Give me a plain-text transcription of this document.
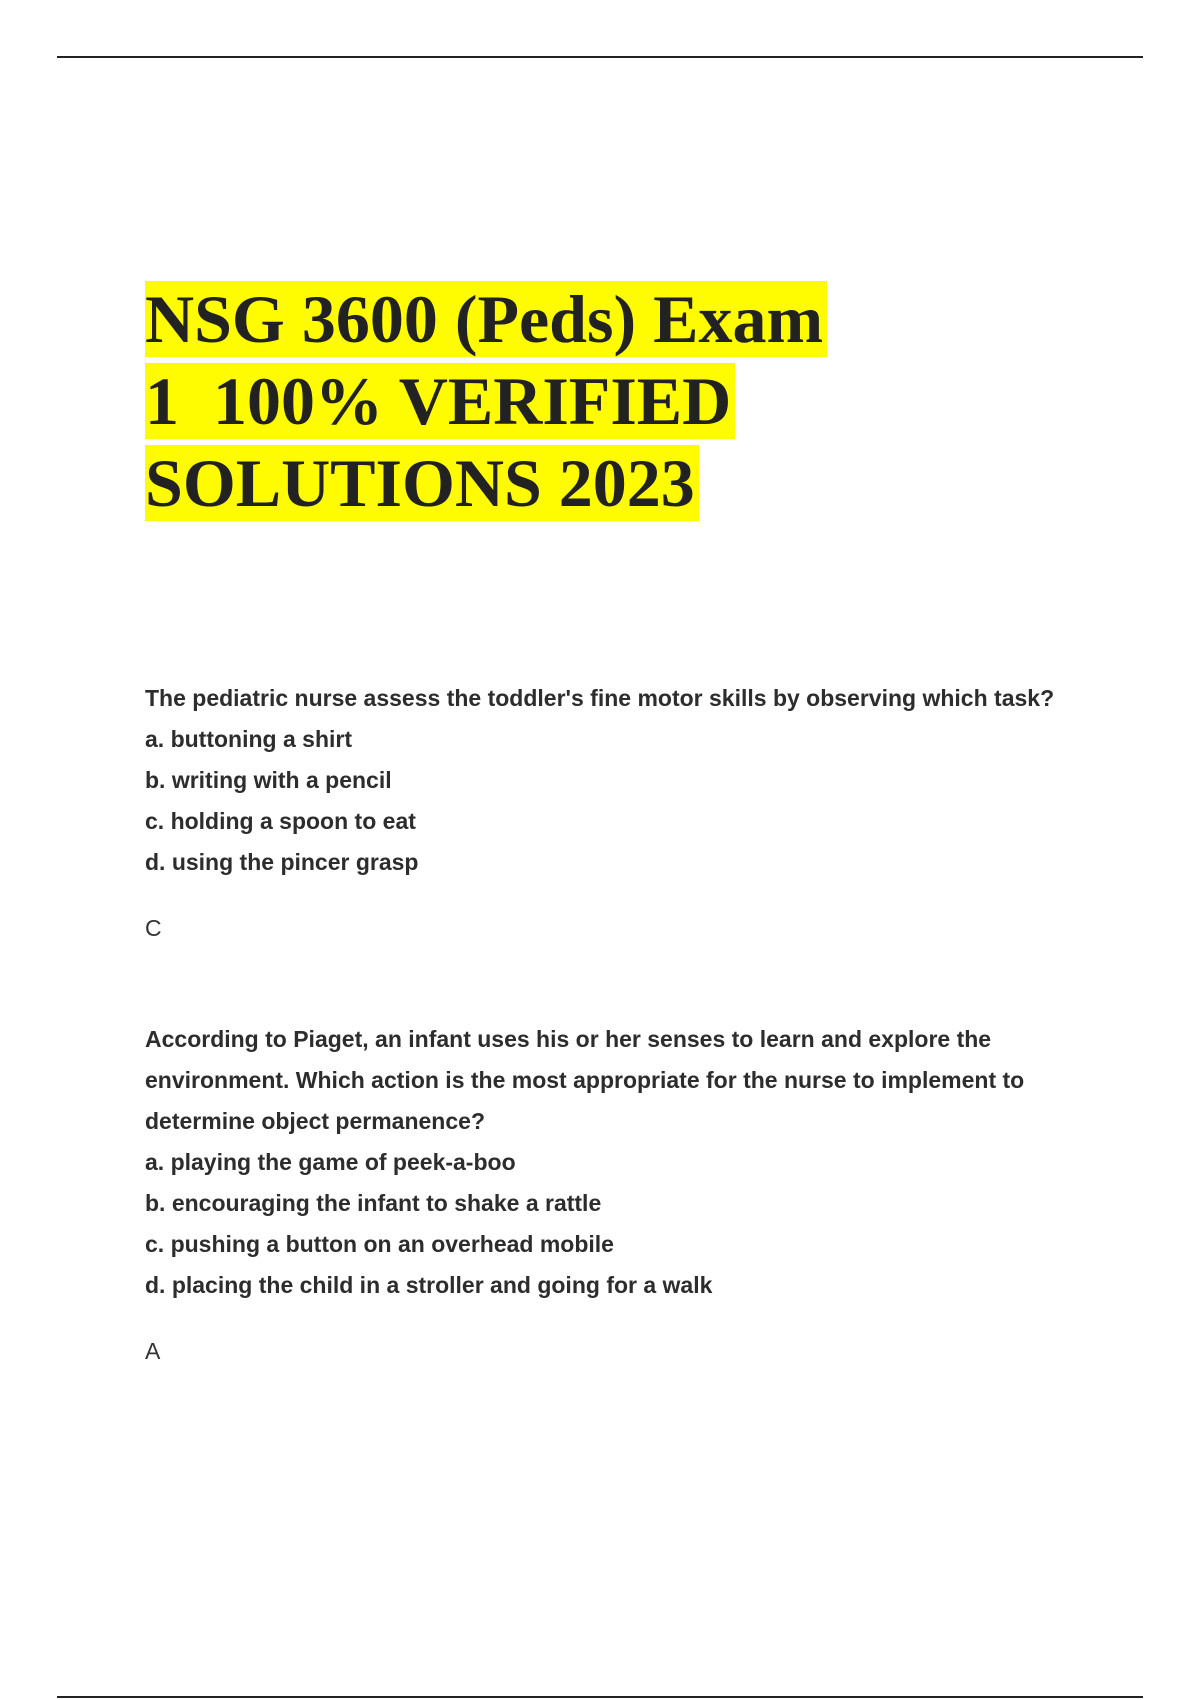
NSG 3600 (Peds) Exam

1  100% VERIFIED

SOLUTIONS 2023

The pediatric nurse assess the toddler's fine motor skills by observing which task?

a. buttoning a shirt
b. writing with a pencil
c. holding a spoon to eat
d. using the pincer grasp

C

According to Piaget, an infant uses his or her senses to learn and explore the environment. Which action is the most appropriate for the nurse to implement to determine object permanence?

a. playing the game of peek-a-boo
b. encouraging the infant to shake a rattle
c. pushing a button on an overhead mobile
d. placing the child in a stroller and going for a walk

A
